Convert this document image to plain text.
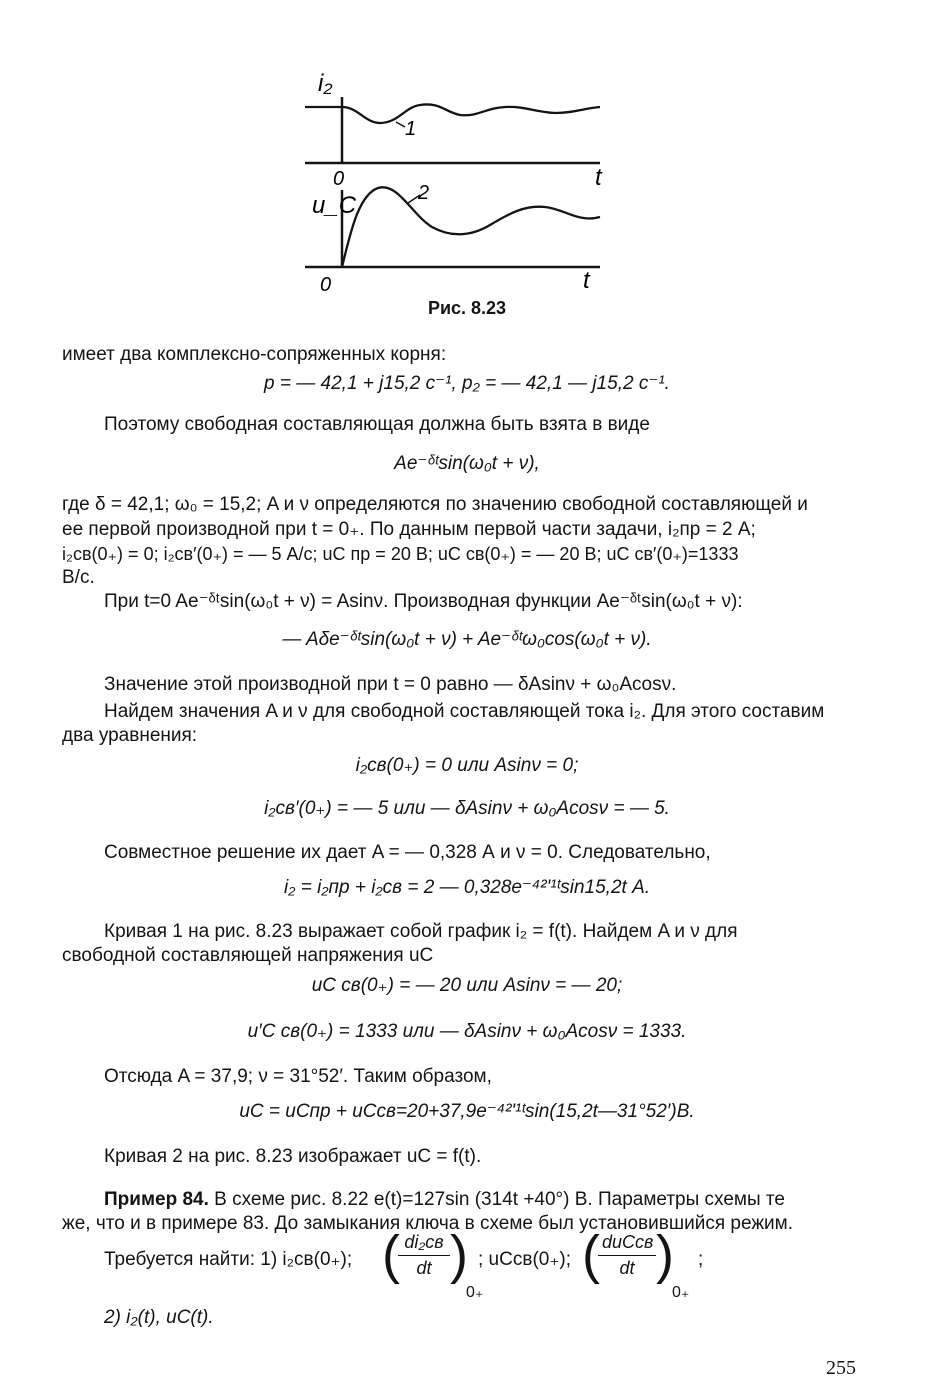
1
i₂
0	t
2
u_C
0	t
Рис. 8.23
имеет два комплексно-сопряженных корня:
p = — 42,1 + j15,2 c⁻¹, p₂ = — 42,1 — j15,2 c⁻¹.
Поэтому свободная составляющая должна быть взята в виде
Ae⁻ᵟᵗsin(ω₀t + ν),
где δ = 42,1; ω₀ = 15,2; A и ν определяются по значению свободной составляющей и
ее первой производной при t = 0₊. По данным первой части задачи, i₂пр = 2 А;
i₂св(0₊) = 0; i₂св′(0₊) = — 5 А/с; uC пр = 20 В; uC св(0₊) = — 20 В; uC св′(0₊)=1333
В/с.
При t=0 Ae⁻ᵟᵗsin(ω₀t + ν) = Asinν. Производная функции Ae⁻ᵟᵗsin(ω₀t + ν):
— Aδe⁻ᵟᵗsin(ω₀t + ν) + Ae⁻ᵟᵗω₀cos(ω₀t + ν).
Значение этой производной при t = 0 равно — δAsinν + ω₀Acosν.
Найдем значения A и ν для свободной составляющей тока i₂. Для этого составим
два уравнения:
i₂св(0₊) = 0 или Asinν = 0;
i₂св′(0₊) = — 5 или — δAsinν + ω₀Acosν = — 5.
Совместное решение их дает A = — 0,328 А и ν = 0. Следовательно,
i₂ = i₂пр + i₂св = 2 — 0,328e⁻⁴²'¹ᵗsin15,2t А.
Кривая 1 на рис. 8.23 выражает собой график i₂ = f(t). Найдем A и ν для
свободной составляющей напряжения uC
uC св(0₊) = — 20 или Asinν = — 20;
u′C св(0₊) = 1333 или — δAsinν + ω₀Acosν = 1333.
Отсюда A = 37,9; ν = 31°52′. Таким образом,
uC = uCпр + uCсв=20+37,9e⁻⁴²'¹ᵗsin(15,2t—31°52′)В.
Кривая 2 на рис. 8.23 изображает uC = f(t).
Пример 84. В схеме рис. 8.22 e(t)=127sin (314t +40°) В. Параметры схемы те
же, что и в примере 83. До замыкания ключа в схеме был установившийся режим.
Требуется найти: 1) i₂св(0₊); ( di₂св
dt )
0₊
; uCсв(0₊); ( duCсв
dt )
0₊
;
2) i₂(t), uC(t).
255
